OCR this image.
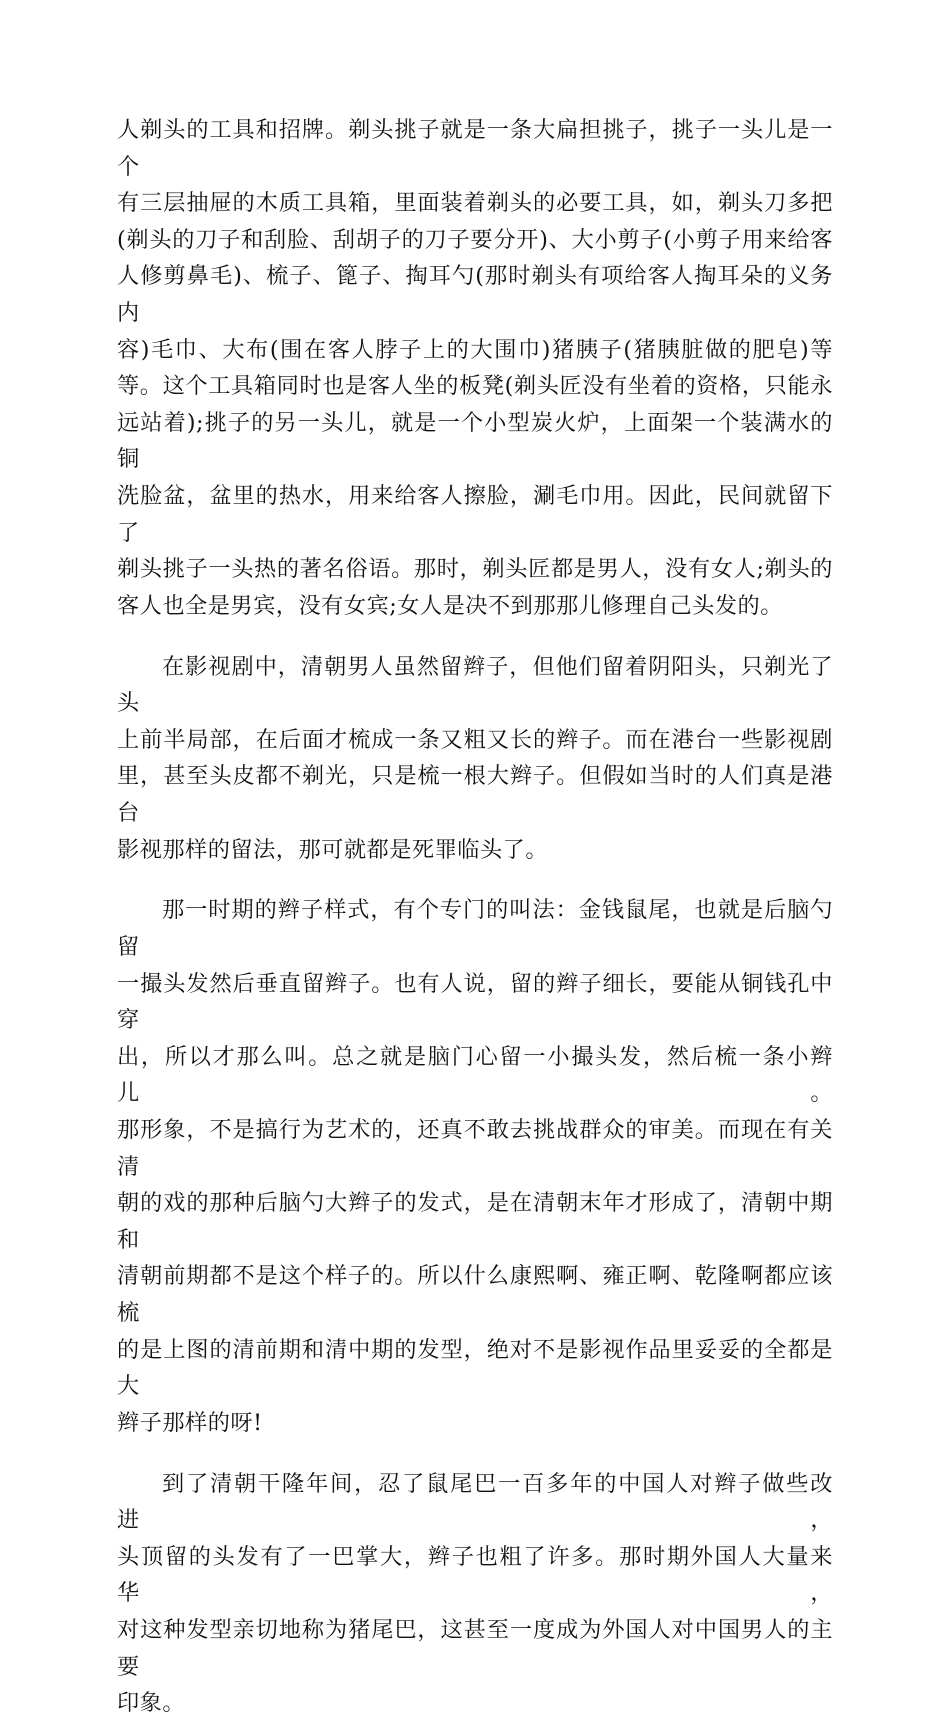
人剃头的工具和招牌。剃头挑子就是一条大扁担挑子，挑子一头儿是一个
有三层抽屉的木质工具箱，里面装着剃头的必要工具，如，剃头刀多把
(剃头的刀子和刮脸、刮胡子的刀子要分开)、大小剪子(小剪子用来给客
人修剪鼻毛)、梳子、篦子、掏耳勺(那时剃头有项给客人掏耳朵的义务内
容)毛巾、大布(围在客人脖子上的大围巾)猪胰子(猪胰脏做的肥皂)等
等。这个工具箱同时也是客人坐的板凳(剃头匠没有坐着的资格，只能永
远站着);挑子的另一头儿，就是一个小型炭火炉，上面架一个装满水的铜
洗脸盆，盆里的热水，用来给客人擦脸，涮毛巾用。因此，民间就留下了
剃头挑子一头热的著名俗语。那时，剃头匠都是男人，没有女人;剃头的
客人也全是男宾，没有女宾;女人是决不到那那儿修理自己头发的。

在影视剧中，清朝男人虽然留辫子，但他们留着阴阳头，只剃光了头
上前半局部，在后面才梳成一条又粗又长的辫子。而在港台一些影视剧
里，甚至头皮都不剃光，只是梳一根大辫子。但假如当时的人们真是港台
影视那样的留法，那可就都是死罪临头了。

那一时期的辫子样式，有个专门的叫法：金钱鼠尾，也就是后脑勺留
一撮头发然后垂直留辫子。也有人说，留的辫子细长，要能从铜钱孔中穿
出，所以才那么叫。总之就是脑门心留一小撮头发，然后梳一条小辫儿。
那形象，不是搞行为艺术的，还真不敢去挑战群众的审美。而现在有关清
朝的戏的那种后脑勺大辫子的发式，是在清朝末年才形成了，清朝中期和
清朝前期都不是这个样子的。所以什么康熙啊、雍正啊、乾隆啊都应该梳
的是上图的清前期和清中期的发型，绝对不是影视作品里妥妥的全都是大
辫子那样的呀!

到了清朝干隆年间，忍了鼠尾巴一百多年的中国人对辫子做些改进，
头顶留的头发有了一巴掌大，辫子也粗了许多。那时期外国人大量来华，
对这种发型亲切地称为猪尾巴，这甚至一度成为外国人对中国男人的主要
印象。
